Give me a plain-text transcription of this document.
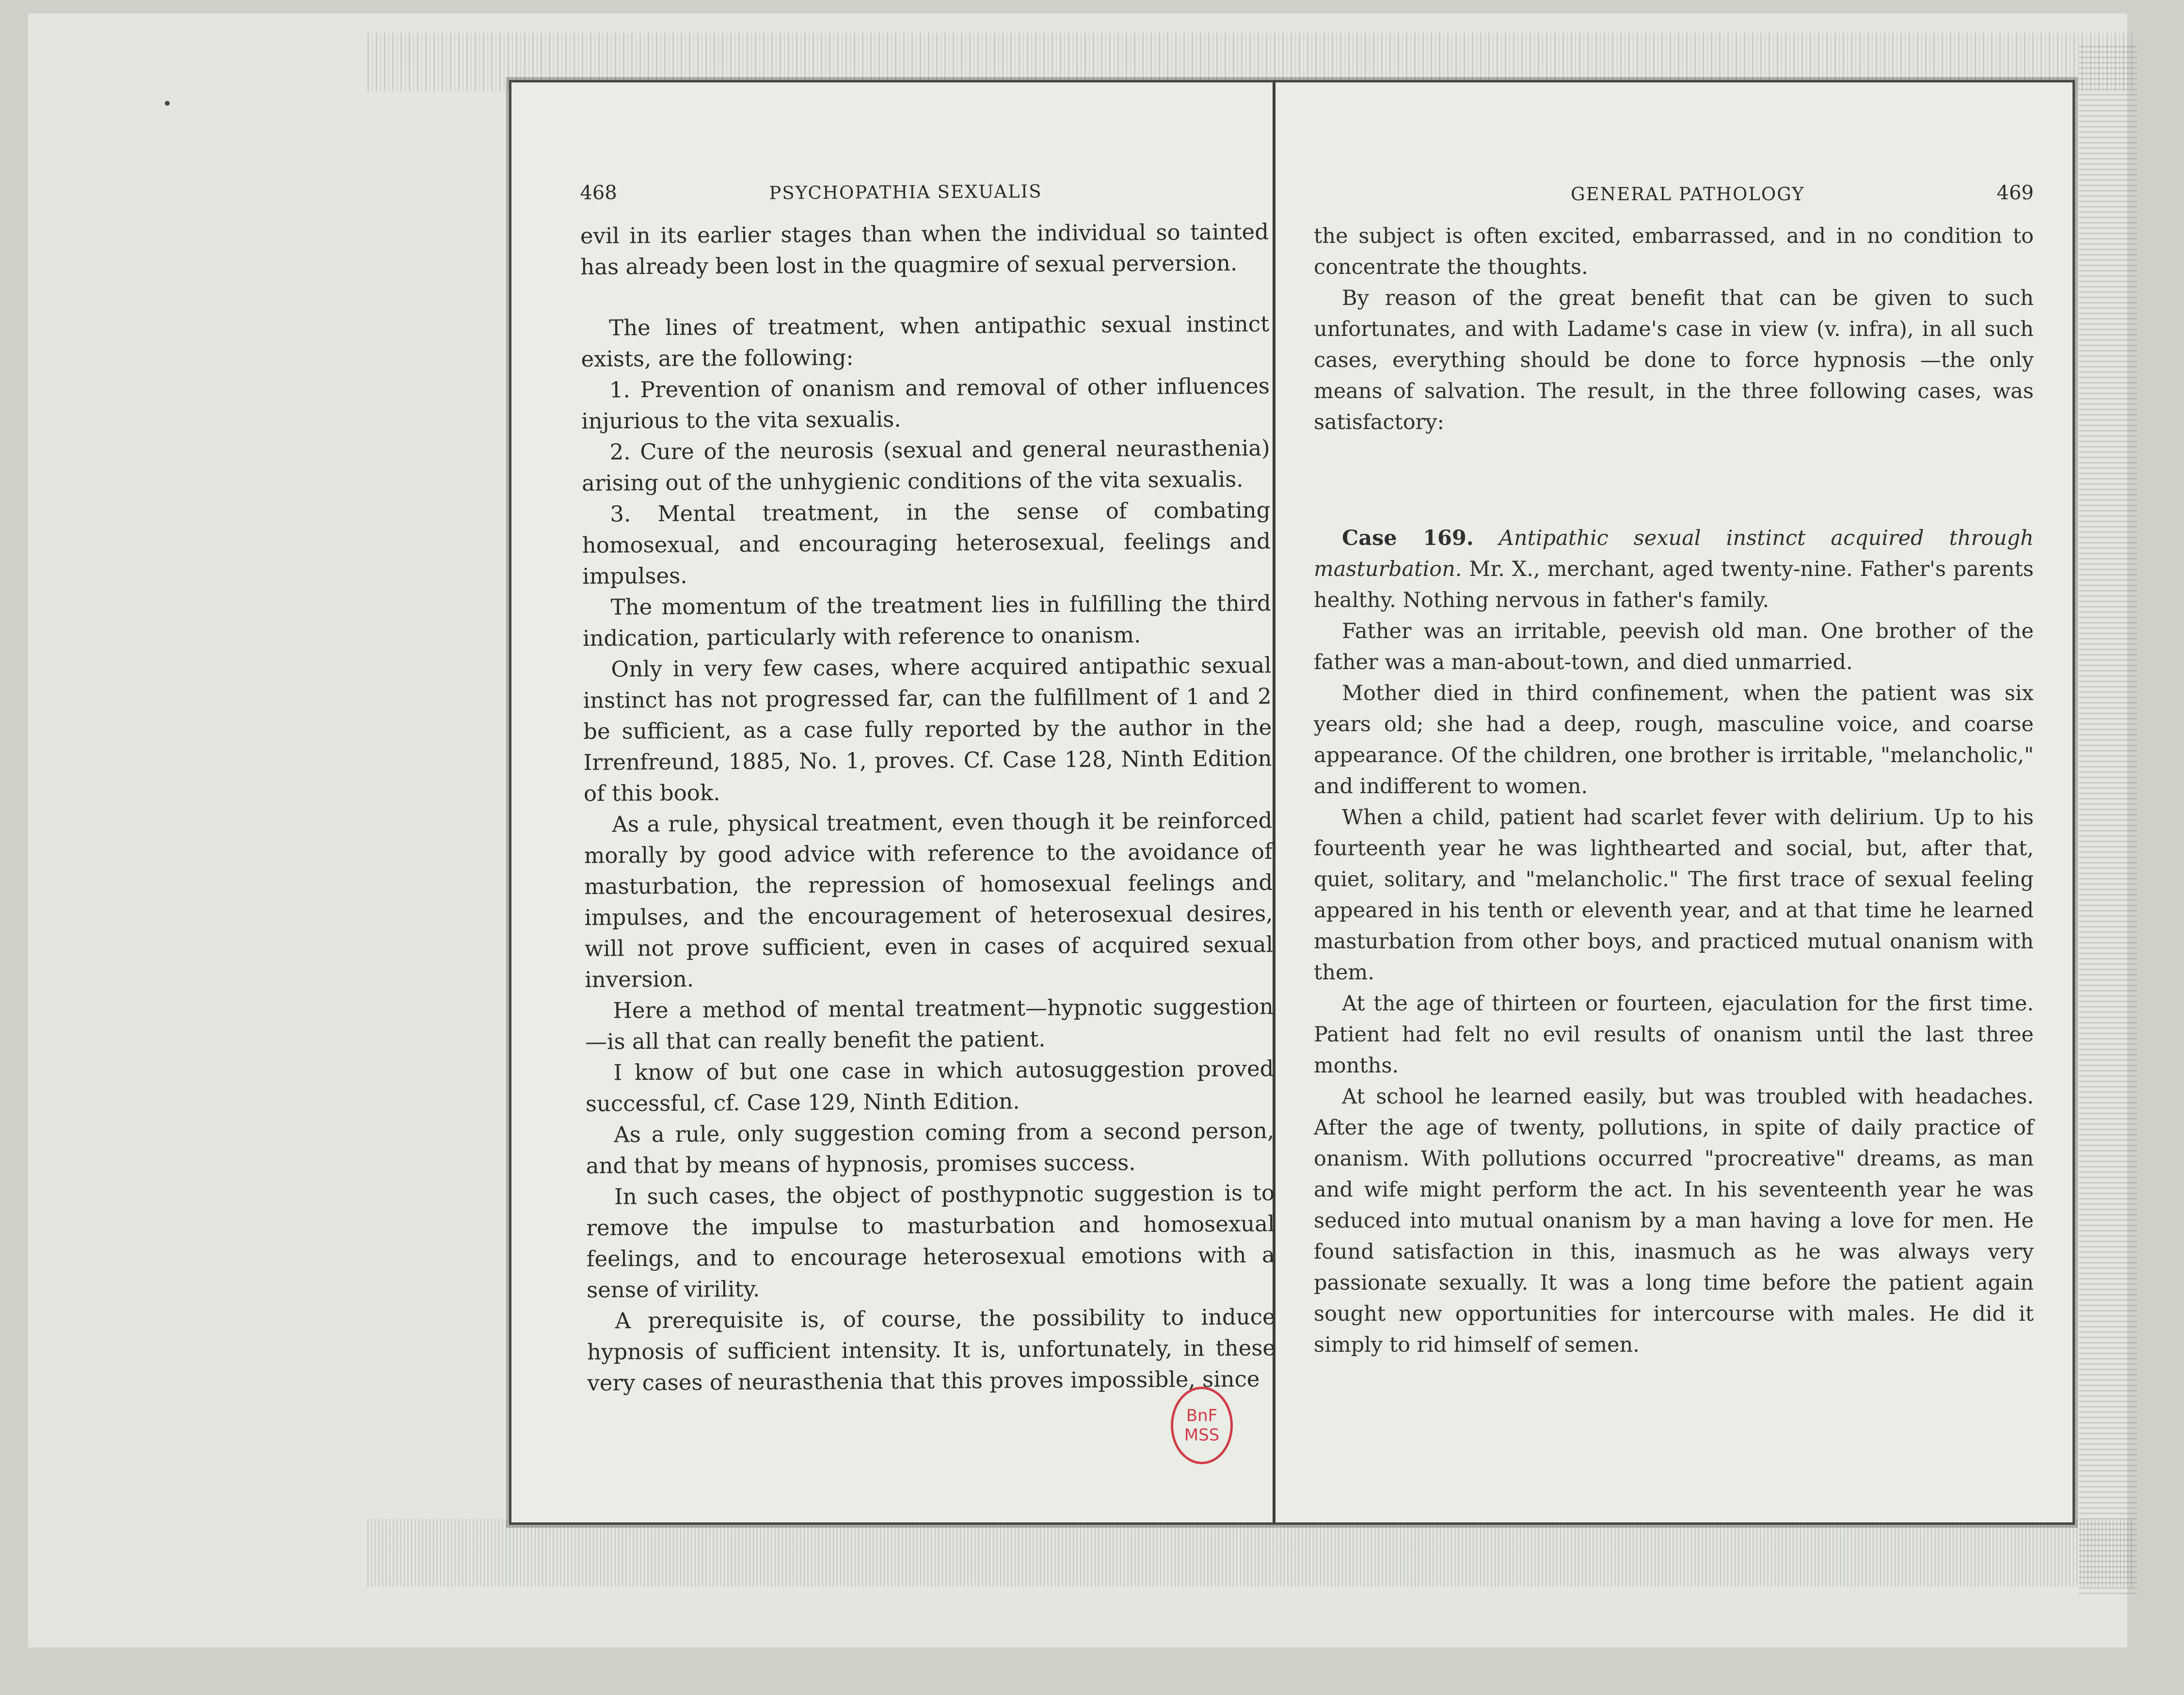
468	PSYCHOPATHIA SEXUALIS

evil in its earlier stages than when the individual so tainted has already been lost in the quagmire of sexual perversion.

The lines of treatment, when antipathic sexual instinct exists, are the following:

1. Prevention of onanism and removal of other influences injurious to the vita sexualis.

2. Cure of the neurosis (sexual and general neurasthenia) arising out of the unhygienic conditions of the vita sexualis.

3. Mental treatment, in the sense of combating homosexual, and encouraging heterosexual, feelings and impulses.

The momentum of the treatment lies in fulfilling the third indication, particularly with reference to onanism.

Only in very few cases, where acquired antipathic sexual instinct has not progressed far, can the fulfillment of 1 and 2 be sufficient, as a case fully reported by the author in the Irrenfreund, 1885, No. 1, proves. Cf. Case 128, Ninth Edition of this book.

As a rule, physical treatment, even though it be reinforced morally by good advice with reference to the avoidance of masturbation, the repression of homosexual feelings and impulses, and the encouragement of heterosexual desires, will not prove sufficient, even in cases of acquired sexual inversion.

Here a method of mental treatment—hypnotic suggestion —is all that can really benefit the patient.

I know of but one case in which autosuggestion proved successful, cf. Case 129, Ninth Edition.

As a rule, only suggestion coming from a second person, and that by means of hypnosis, promises success.

In such cases, the object of posthypnotic suggestion is to remove the impulse to masturbation and homosexual feelings, and to encourage heterosexual emotions with a sense of virility.

A prerequisite is, of course, the possibility to induce hypnosis of sufficient intensity. It is, unfortunately, in these very cases of neurasthenia that this proves impossible, since

GENERAL PATHOLOGY	469

the subject is often excited, embarrassed, and in no condition to concentrate the thoughts.

By reason of the great benefit that can be given to such unfortunates, and with Ladame's case in view (v. infra), in all such cases, everything should be done to force hypnosis —the only means of salvation. The result, in the three following cases, was satisfactory:

Case 169. Antipathic sexual instinct acquired through masturbation. Mr. X., merchant, aged twenty-nine. Father's parents healthy. Nothing nervous in father's family.

Father was an irritable, peevish old man. One brother of the father was a man-about-town, and died unmarried.

Mother died in third confinement, when the patient was six years old; she had a deep, rough, masculine voice, and coarse appearance. Of the children, one brother is irritable, "melancholic," and indifferent to women.

When a child, patient had scarlet fever with delirium. Up to his fourteenth year he was lighthearted and social, but, after that, quiet, solitary, and "melancholic." The first trace of sexual feeling appeared in his tenth or eleventh year, and at that time he learned masturbation from other boys, and practiced mutual onanism with them.

At the age of thirteen or fourteen, ejaculation for the first time. Patient had felt no evil results of onanism until the last three months.

At school he learned easily, but was troubled with headaches. After the age of twenty, pollutions, in spite of daily practice of onanism. With pollutions occurred "procreative" dreams, as man and wife might perform the act. In his seventeenth year he was seduced into mutual onanism by a man having a love for men. He found satisfaction in this, inasmuch as he was always very passionate sexually. It was a long time before the patient again sought new opportunities for intercourse with males. He did it simply to rid himself of semen.

BnF
MSS
